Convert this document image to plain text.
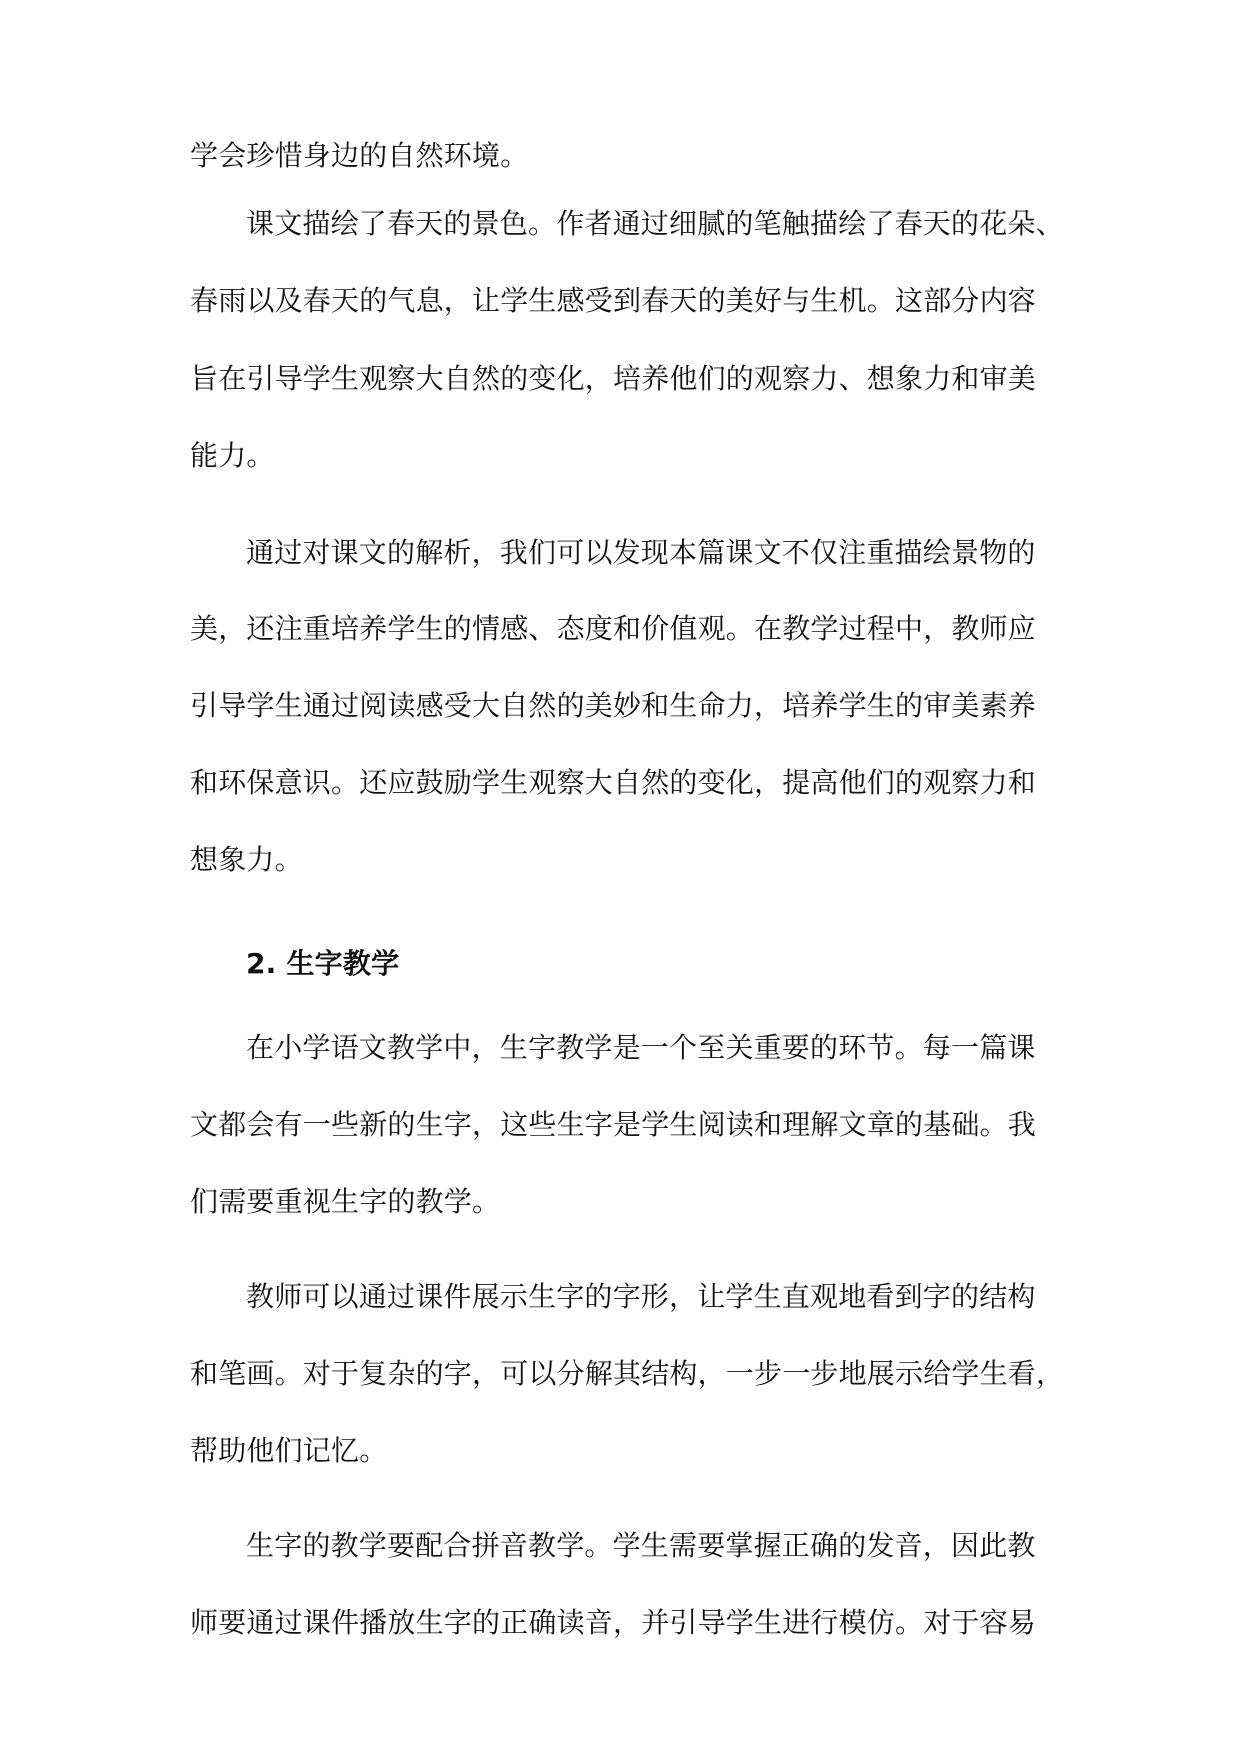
学会珍惜身边的自然环境。
课文描绘了春天的景色。作者通过细腻的笔触描绘了春天的花朵、
春雨以及春天的气息，让学生感受到春天的美好与生机。这部分内容
旨在引导学生观察大自然的变化，培养他们的观察力、想象力和审美
能力。
通过对课文的解析，我们可以发现本篇课文不仅注重描绘景物的
美，还注重培养学生的情感、态度和价值观。在教学过程中，教师应
引导学生通过阅读感受大自然的美妙和生命力，培养学生的审美素养
和环保意识。还应鼓励学生观察大自然的变化，提高他们的观察力和
想象力。
2. 生字教学
在小学语文教学中，生字教学是一个至关重要的环节。每一篇课
文都会有一些新的生字，这些生字是学生阅读和理解文章的基础。我
们需要重视生字的教学。
教师可以通过课件展示生字的字形，让学生直观地看到字的结构
和笔画。对于复杂的字，可以分解其结构，一步一步地展示给学生看，
帮助他们记忆。
生字的教学要配合拼音教学。学生需要掌握正确的发音，因此教
师要通过课件播放生字的正确读音，并引导学生进行模仿。对于容易
